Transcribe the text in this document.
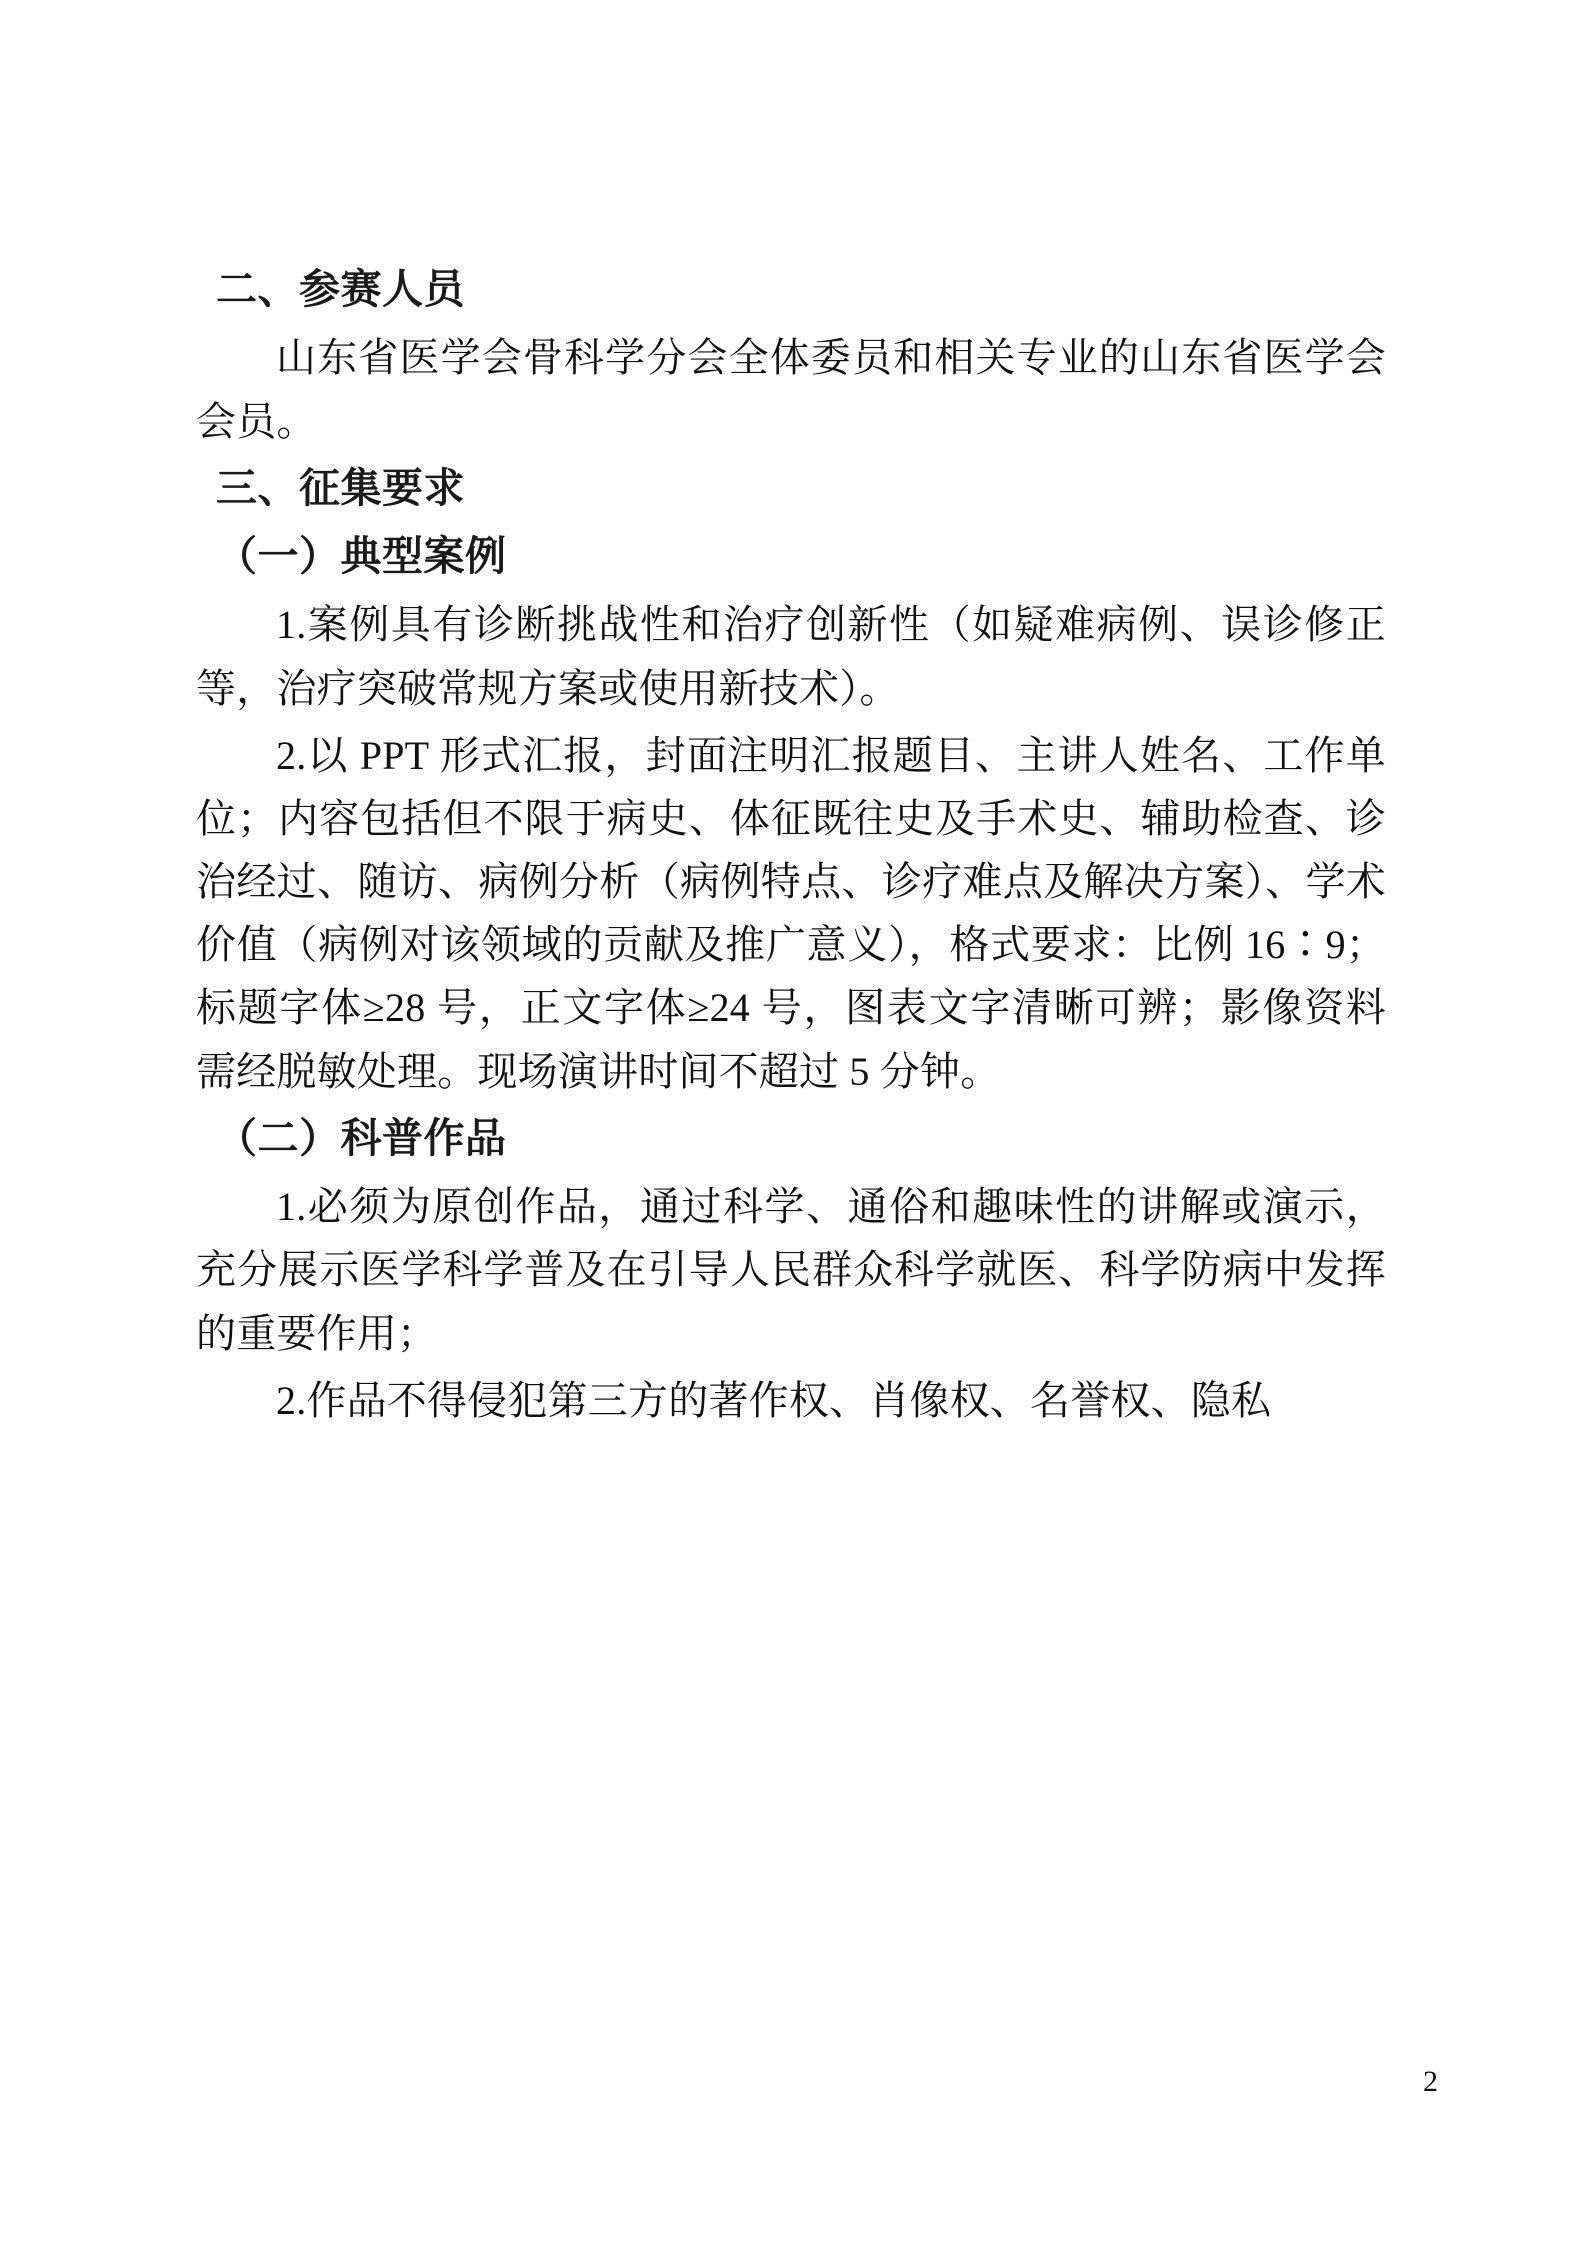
二、参赛人员

山东省医学会骨科学分会全体委员和相关专业的山东省医学会会员。

三、征集要求
（一）典型案例

1.案例具有诊断挑战性和治疗创新性（如疑难病例、误诊修正等，治疗突破常规方案或使用新技术）。

2.以 PPT 形式汇报，封面注明汇报题目、主讲人姓名、工作单位；内容包括但不限于病史、体征既往史及手术史、辅助检查、诊治经过、随访、病例分析（病例特点、诊疗难点及解决方案）、学术价值（病例对该领域的贡献及推广意义），格式要求：比例 16∶9；标题字体≥28 号，正文字体≥24 号，图表文字清晰可辨；影像资料需经脱敏处理。现场演讲时间不超过 5 分钟。

（二）科普作品

1.必须为原创作品，通过科学、通俗和趣味性的讲解或演示，充分展示医学科学普及在引导人民群众科学就医、科学防病中发挥的重要作用；

2.作品不得侵犯第三方的著作权、肖像权、名誉权、隐私

2
